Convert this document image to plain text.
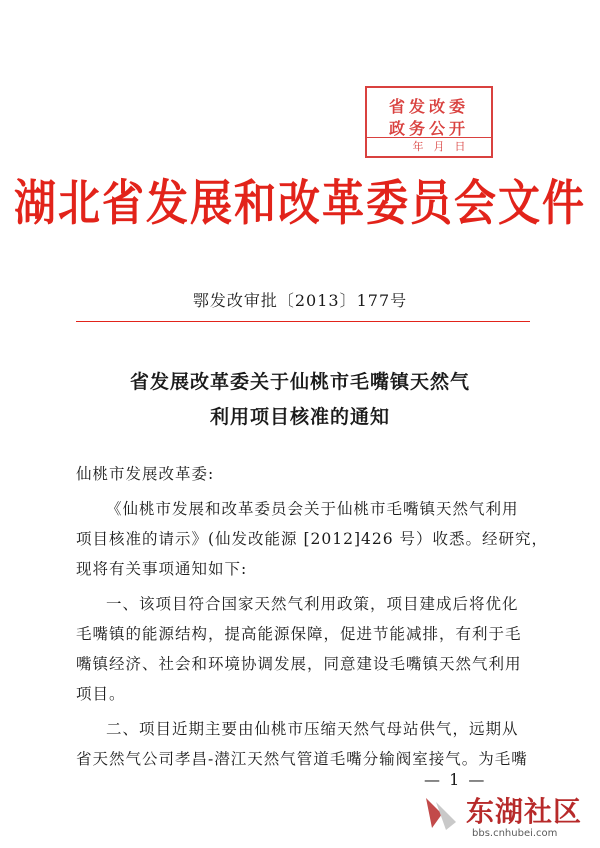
省发改委
政务公开
年月日
湖北省发展和改革委员会文件
鄂发改审批〔2013〕177号
省发展改革委关于仙桃市毛嘴镇天然气
利用项目核准的通知
仙桃市发展改革委:
《仙桃市发展和改革委员会关于仙桃市毛嘴镇天然气利用
项目核准的请示》(仙发改能源 [2012]426 号）收悉。经研究，
现将有关事项通知如下:
一、该项目符合国家天然气利用政策，项目建成后将优化
毛嘴镇的能源结构，提高能源保障，促进节能减排，有利于毛
嘴镇经济、社会和环境协调发展，同意建设毛嘴镇天然气利用
项目。
二、项目近期主要由仙桃市压缩天然气母站供气，远期从
省天然气公司孝昌-潜江天然气管道毛嘴分输阀室接气。为毛嘴
— 1 —
东湖社区
bbs.cnhubei.com
